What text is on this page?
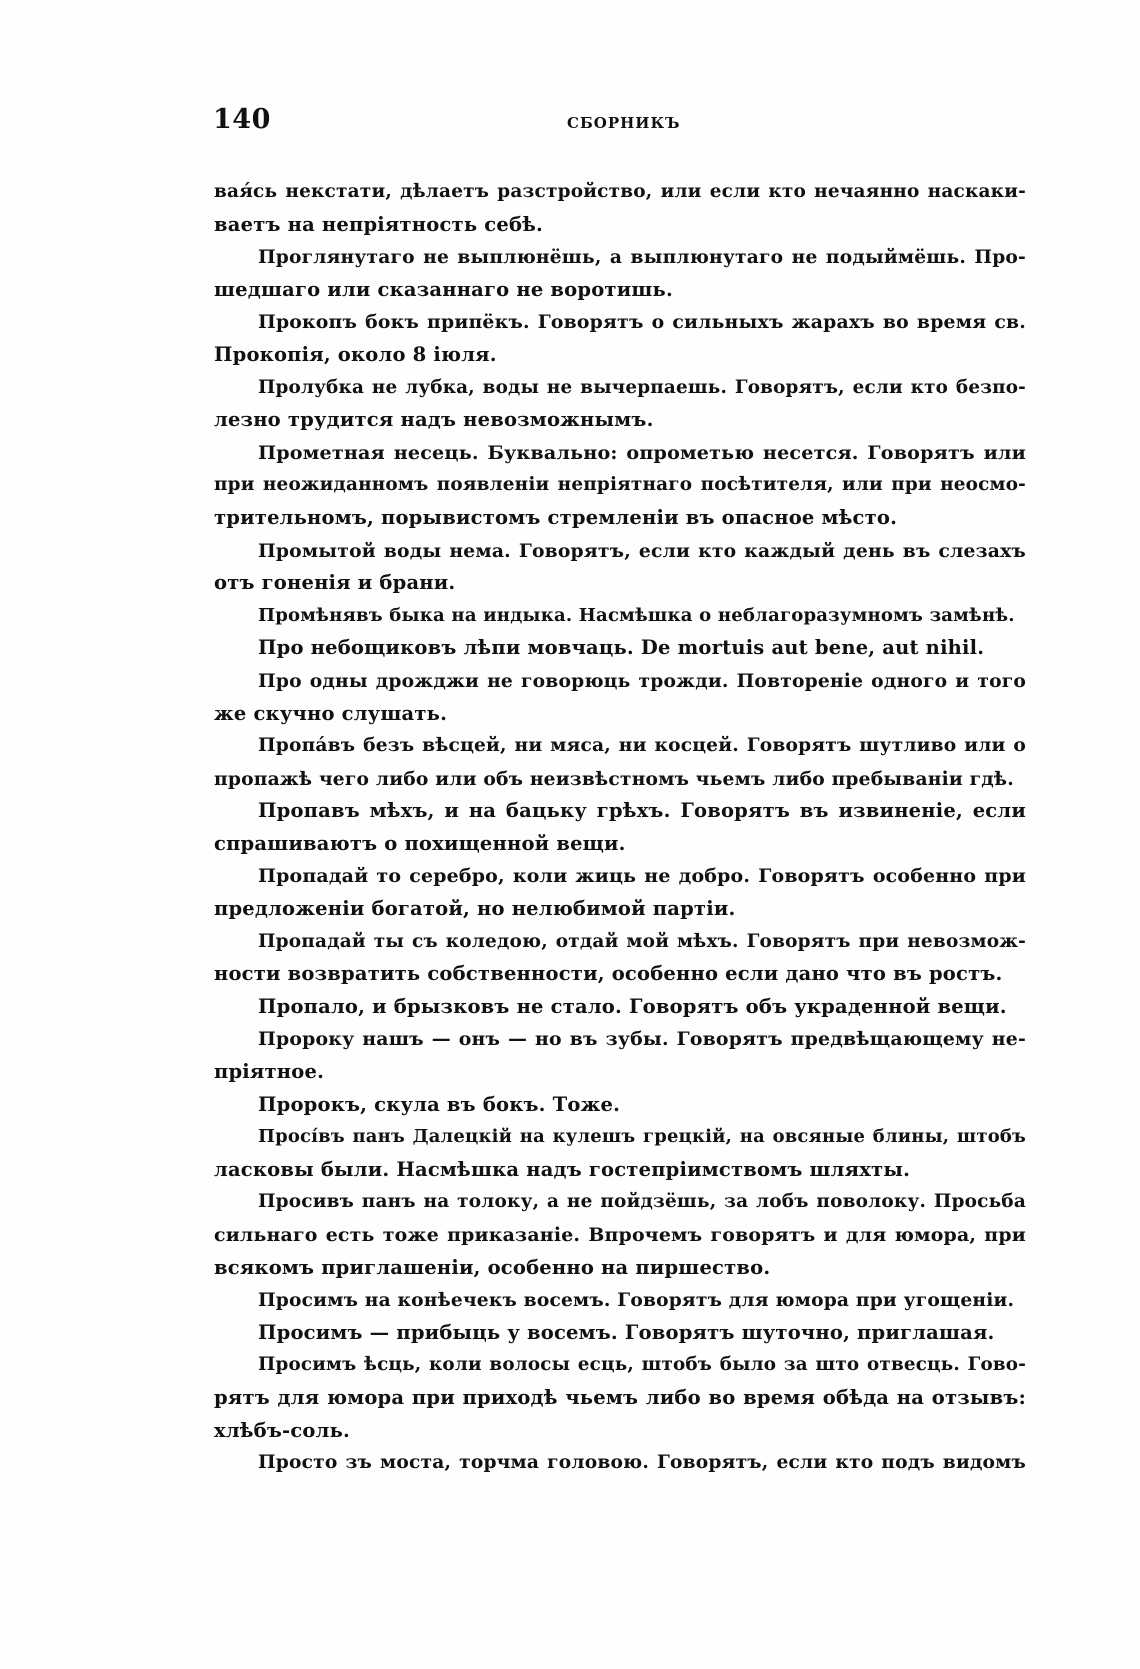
140	СБОРНИКЪ
вая́сь некстати, дѣлаетъ разстройство, или если кто нечаянно наскаки-
ваетъ на непріятность себѣ.
Проглянутаго не выплюнёшь, а выплюнутаго не подыймёшь. Про-
шедшаго или сказаннаго не воротишь.
Прокопъ бокъ припёкъ. Говорятъ о сильныхъ жарахъ во время св.
Прокопія, около 8 іюля.
Пролубка не лубка, воды не вычерпаешь. Говорятъ, если кто безпо-
лезно трудится надъ невозможнымъ.
Прометная несець. Буквально: опрометью несется. Говорятъ или
при неожиданномъ появленіи непріятнаго посѣтителя, или при неосмо-
трительномъ, порывистомъ стремленіи въ опасное мѣсто.
Промытой воды нема. Говорятъ, если кто каждый день въ слезахъ
отъ гоненія и брани.
Промѣнявъ быка на индыка. Насмѣшка о неблагоразумномъ замѣнѣ.
Про небощиковъ лѣпи мовчаць. De mortuis aut bene, aut nihil.
Про одны дрожджи не говорюць трожди. Повтореніе одного и того
же скучно слушать.
Пропáвъ безъ вѣсцей, ни мяса, ни косцей. Говорятъ шутливо или о
пропажѣ чего либо или объ неизвѣстномъ чьемъ либо пребываніи гдѣ.
Пропавъ мѣхъ, и на бацьку грѣхъ. Говорятъ въ извиненіе, если
спрашиваютъ о похищенной вещи.
Пропадай то серебро, коли жиць не добро. Говорятъ особенно при
предложеніи богатой, но нелюбимой партіи.
Пропадай ты съ коледою, отдай мой мѣхъ. Говорятъ при невозмож-
ности возвратить собственности, особенно если дано что въ ростъ.
Пропало, и брызковъ не стало. Говорятъ объ украденной вещи.
Пророку нашъ — онъ — но въ зубы. Говорятъ предвѣщающему не-
пріятное.
Пророкъ, скула въ бокъ. Тоже.
Просíвъ панъ Далецкій на кулешъ грецкій, на овсяные блины, штобъ
ласковы были. Насмѣшка надъ гостепріимствомъ шляхты.
Просивъ панъ на толоку, а не пойдзёшь, за лобъ поволоку. Просьба
сильнаго есть тоже приказаніе. Впрочемъ говорятъ и для юмора, при
всякомъ приглашеніи, особенно на пиршество.
Просимъ на конѣечекъ восемъ. Говорятъ для юмора при угощеніи.
Просимъ — прибыць у восемъ. Говорятъ шуточно, приглашая.
Просимъ ѣсць, коли волосы есць, штобъ было за што отвесць. Гово-
рятъ для юмора при приходѣ чьемъ либо во время обѣда на отзывъ:
хлѣбъ-соль.
Просто зъ моста, торчма головою. Говорятъ, если кто подъ видомъ
